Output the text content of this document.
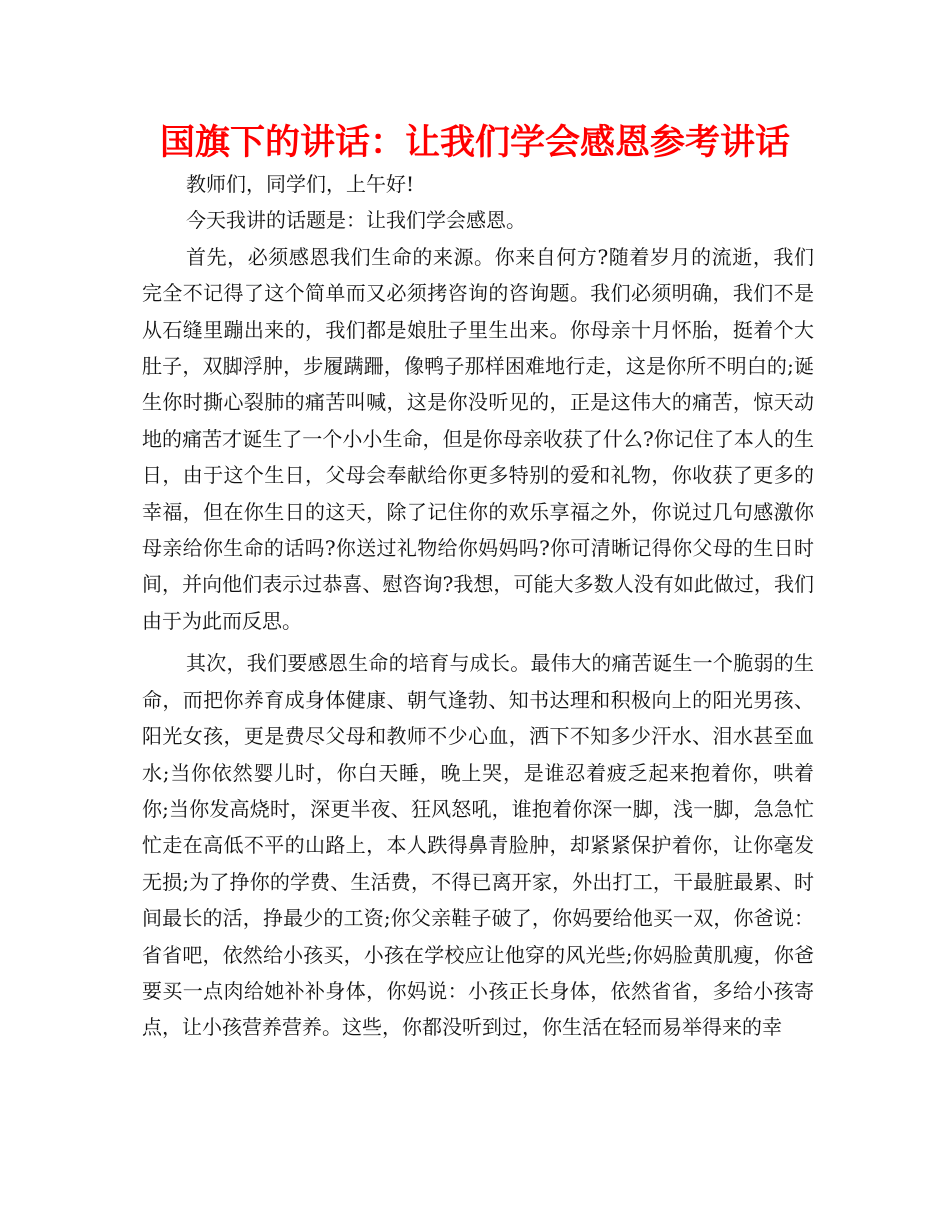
国旗下的讲话：让我们学会感恩参考讲话

教师们，同学们，上午好!

今天我讲的话题是：让我们学会感恩。

首先，必须感恩我们生命的来源。你来自何方?随着岁月的流逝，我们完全不记得了这个简单而又必须拷咨询的咨询题。我们必须明确，我们不是从石缝里蹦出来的，我们都是娘肚子里生出来。你母亲十月怀胎，挺着个大肚子，双脚浮肿，步履蹒跚，像鸭子那样困难地行走，这是你所不明白的;诞生你时撕心裂肺的痛苦叫喊，这是你没听见的，正是这伟大的痛苦，惊天动地的痛苦才诞生了一个小小生命，但是你母亲收获了什么?你记住了本人的生日，由于这个生日，父母会奉献给你更多特别的爱和礼物，你收获了更多的幸福，但在你生日的这天，除了记住你的欢乐享福之外，你说过几句感激你母亲给你生命的话吗?你送过礼物给你妈妈吗?你可清晰记得你父母的生日时间，并向他们表示过恭喜、慰咨询?我想，可能大多数人没有如此做过，我们由于为此而反思。

其次，我们要感恩生命的培育与成长。最伟大的痛苦诞生一个脆弱的生命，而把你养育成身体健康、朝气逢勃、知书达理和积极向上的阳光男孩、阳光女孩，更是费尽父母和教师不少心血，洒下不知多少汗水、泪水甚至血水;当你依然婴儿时，你白天睡，晚上哭，是谁忍着疲乏起来抱着你，哄着你;当你发高烧时，深更半夜、狂风怒吼，谁抱着你深一脚，浅一脚，急急忙忙走在高低不平的山路上，本人跌得鼻青脸肿，却紧紧保护着你，让你毫发无损;为了挣你的学费、生活费，不得已离开家，外出打工，干最脏最累、时间最长的活，挣最少的工资;你父亲鞋子破了，你妈要给他买一双，你爸说：省省吧，依然给小孩买，小孩在学校应让他穿的风光些;你妈脸黄肌瘦，你爸要买一点肉给她补补身体，你妈说：小孩正长身体，依然省省，多给小孩寄点，让小孩营养营养。这些，你都没听到过，你生活在轻而易举得来的幸
